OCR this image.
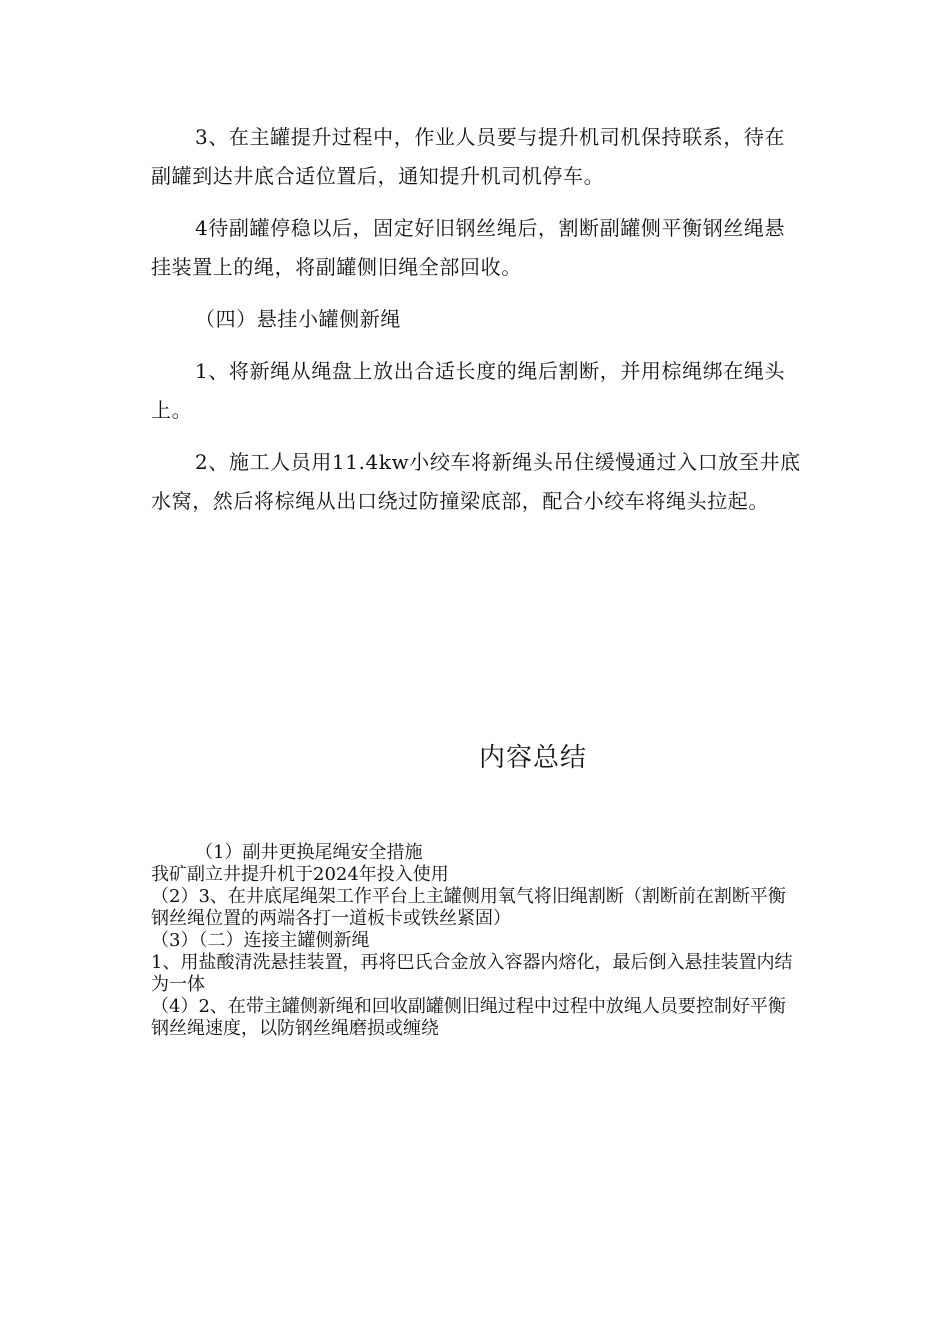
3、在主罐提升过程中，作业人员要与提升机司机保持联系，待在副罐到达井底合适位置后，通知提升机司机停车。

4待副罐停稳以后，固定好旧钢丝绳后，割断副罐侧平衡钢丝绳悬挂装置上的绳，将副罐侧旧绳全部回收。

（四）悬挂小罐侧新绳

1、将新绳从绳盘上放出合适长度的绳后割断，并用棕绳绑在绳头上。

2、施工人员用11.4kw小绞车将新绳头吊住缓慢通过入口放至井底水窝，然后将棕绳从出口绕过防撞梁底部，配合小绞车将绳头拉起。

内容总结

（1）副井更换尾绳安全措施

我矿副立井提升机于2024年投入使用

（2）3、在井底尾绳架工作平台上主罐侧用氧气将旧绳割断（割断前在割断平衡钢丝绳位置的两端各打一道板卡或铁丝紧固）

（3）（二）连接主罐侧新绳

1、用盐酸清洗悬挂装置，再将巴氏合金放入容器内熔化，最后倒入悬挂装置内结为一体

（4）2、在带主罐侧新绳和回收副罐侧旧绳过程中过程中放绳人员要控制好平衡钢丝绳速度，以防钢丝绳磨损或缠绕
